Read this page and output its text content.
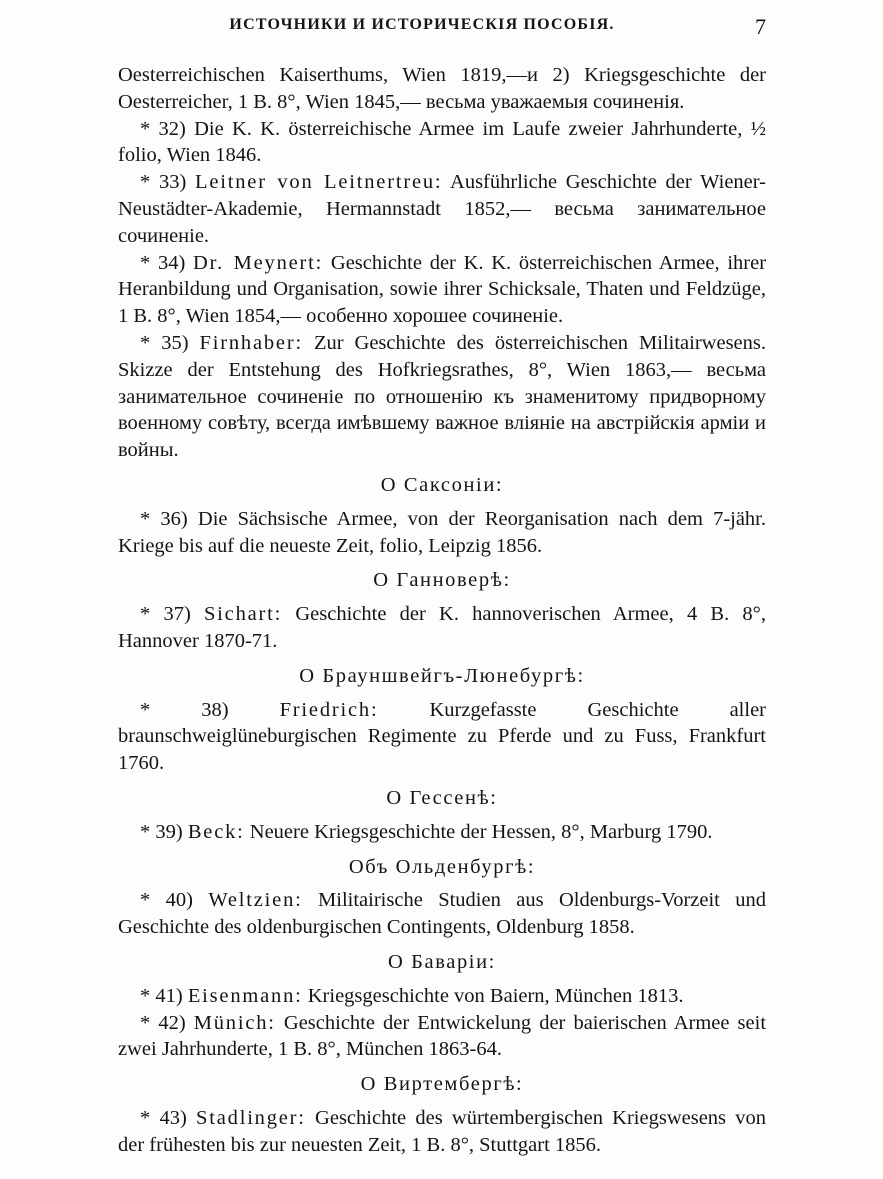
ИСТОЧНИКИ И ИСТОРИЧЕСКІЯ ПОСОБІЯ.	7

Oesterreichischen Kaiserthums, Wien 1819,—и 2) Kriegsgeschichte der Oesterreicher, 1 B. 8°, Wien 1845,— весьма уважаемыя сочиненія.

* 32) Die K. K. österreichische Armee im Laufe zweier Jahrhunderte, ½ folio, Wien 1846.

* 33) Leitner von Leitnertreu: Ausführliche Geschichte der Wiener-Neustädter-Akademie, Hermannstadt 1852,— весьма занимательное сочиненіе.

* 34) Dr. Meynert: Geschichte der K. K. österreichischen Armee, ihrer Heranbildung und Organisation, sowie ihrer Schicksale, Thaten und Feldzüge, 1 B. 8°, Wien 1854,— особенно хорошее сочиненіе.

* 35) Firnhaber: Zur Geschichte des österreichischen Militairwesens. Skizze der Entstehung des Hofkriegsrathes, 8°, Wien 1863,— весьма занимательное сочиненіе по отношенію къ знаменитому придворному военному совѣту, всегда имѣвшему важное вліяніе на австрійскія арміи и войны.

О Саксоніи:

* 36) Die Sächsische Armee, von der Reorganisation nach dem 7-jähr. Kriege bis auf die neueste Zeit, folio, Leipzig 1856.

О Ганноверѣ:

* 37) Sichart: Geschichte der K. hannoverischen Armee, 4 B. 8°, Hannover 1870-71.

О Брауншвейгъ-Люнебургѣ:

* 38) Friedrich: Kurzgefasste Geschichte aller braunschweiglüneburgischen Regimente zu Pferde und zu Fuss, Frankfurt 1760.

О Гессенѣ:

* 39) Beck: Neuere Kriegsgeschichte der Hessen, 8°, Marburg 1790.

Объ Ольденбургѣ:

* 40) Weltzien: Militairische Studien aus Oldenburgs-Vorzeit und Geschichte des oldenburgischen Contingents, Oldenburg 1858.

О Баваріи:

* 41) Eisenmann: Kriegsgeschichte von Baiern, München 1813.

* 42) Münich: Geschichte der Entwickelung der baierischen Armee seit zwei Jahrhunderte, 1 B. 8°, München 1863-64.

О Виртембергѣ:

* 43) Stadlinger: Geschichte des würtembergischen Kriegswesens von der frühesten bis zur neuesten Zeit, 1 B. 8°, Stuttgart 1856.
